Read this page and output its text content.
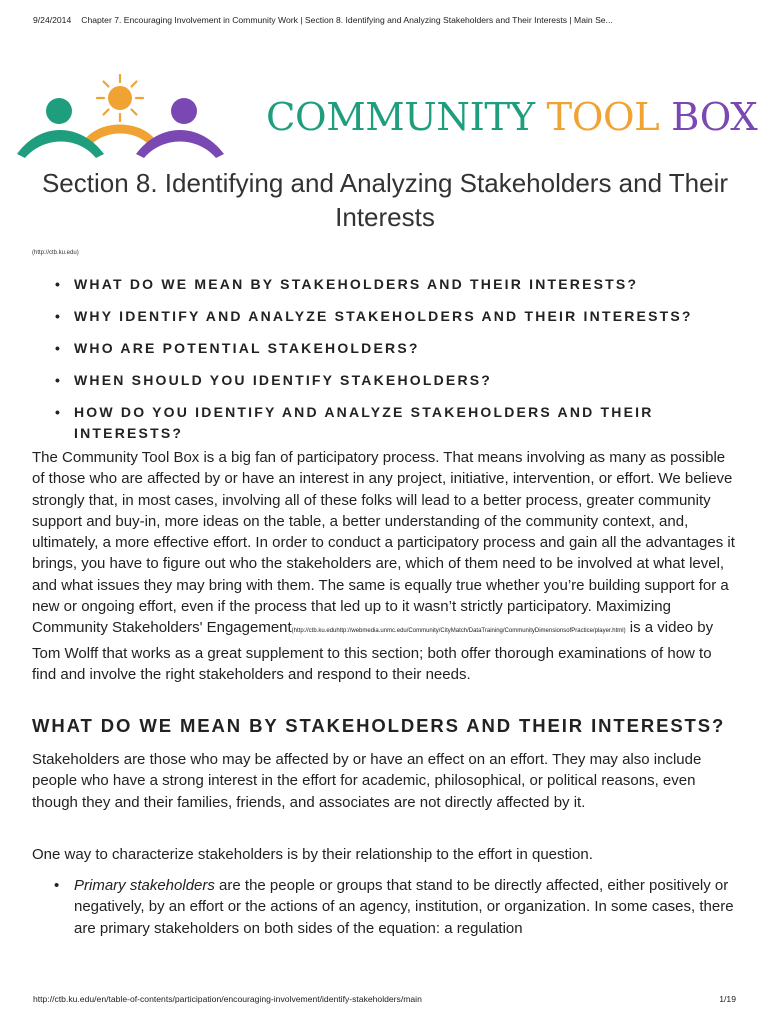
9/24/2014 Chapter 7. Encouraging Involvement in Community Work | Section 8. Identifying and Analyzing Stakeholders and Their Interests | Main Se...
COMMUNITY TOOL BOX
Section 8. Identifying and Analyzing Stakeholders and Their Interests
(http://ctb.ku.edu)
• WHAT DO WE MEAN BY STAKEHOLDERS AND THEIR INTERESTS?
• WHY IDENTIFY AND ANALYZE STAKEHOLDERS AND THEIR INTERESTS?
• WHO ARE POTENTIAL STAKEHOLDERS?
• WHEN SHOULD YOU IDENTIFY STAKEHOLDERS?
• HOW DO YOU IDENTIFY AND ANALYZE STAKEHOLDERS AND THEIR INTERESTS?

The Community Tool Box is a big fan of participatory process. That means involving as many as possible of those who are affected by or have an interest in any project, initiative, intervention, or effort. We believe strongly that, in most cases, involving all of these folks will lead to a better process, greater community support and buy-in, more ideas on the table, a better understanding of the community context, and, ultimately, a more effective effort. In order to conduct a participatory process and gain all the advantages it brings, you have to figure out who the stakeholders are, which of them need to be involved at what level, and what issues they may bring with them. The same is equally true whether you’re building support for a new or ongoing effort, even if the process that led up to it wasn’t strictly participatory. Maximizing Community Stakeholders' Engagement(http://ctb.ku.eduhttp://webmedia.unmc.edu/Community/CityMatch/DataTraining/CommunityDimensionsofPractice/player.html) is a video by Tom Wolff that works as a great supplement to this section; both offer thorough examinations of how to find and involve the right stakeholders and respond to their needs.

WHAT DO WE MEAN BY STAKEHOLDERS AND THEIR INTERESTS?

Stakeholders are those who may be affected by or have an effect on an effort. They may also include people who have a strong interest in the effort for academic, philosophical, or political reasons, even though they and their families, friends, and associates are not directly affected by it.

One way to characterize stakeholders is by their relationship to the effort in question.

• Primary stakeholders are the people or groups that stand to be directly affected, either positively or negatively, by an effort or the actions of an agency, institution, or organization. In some cases, there are primary stakeholders on both sides of the equation: a regulation
http://ctb.ku.edu/en/table-of-contents/participation/encouraging-involvement/identify-stakeholders/main	1/19
